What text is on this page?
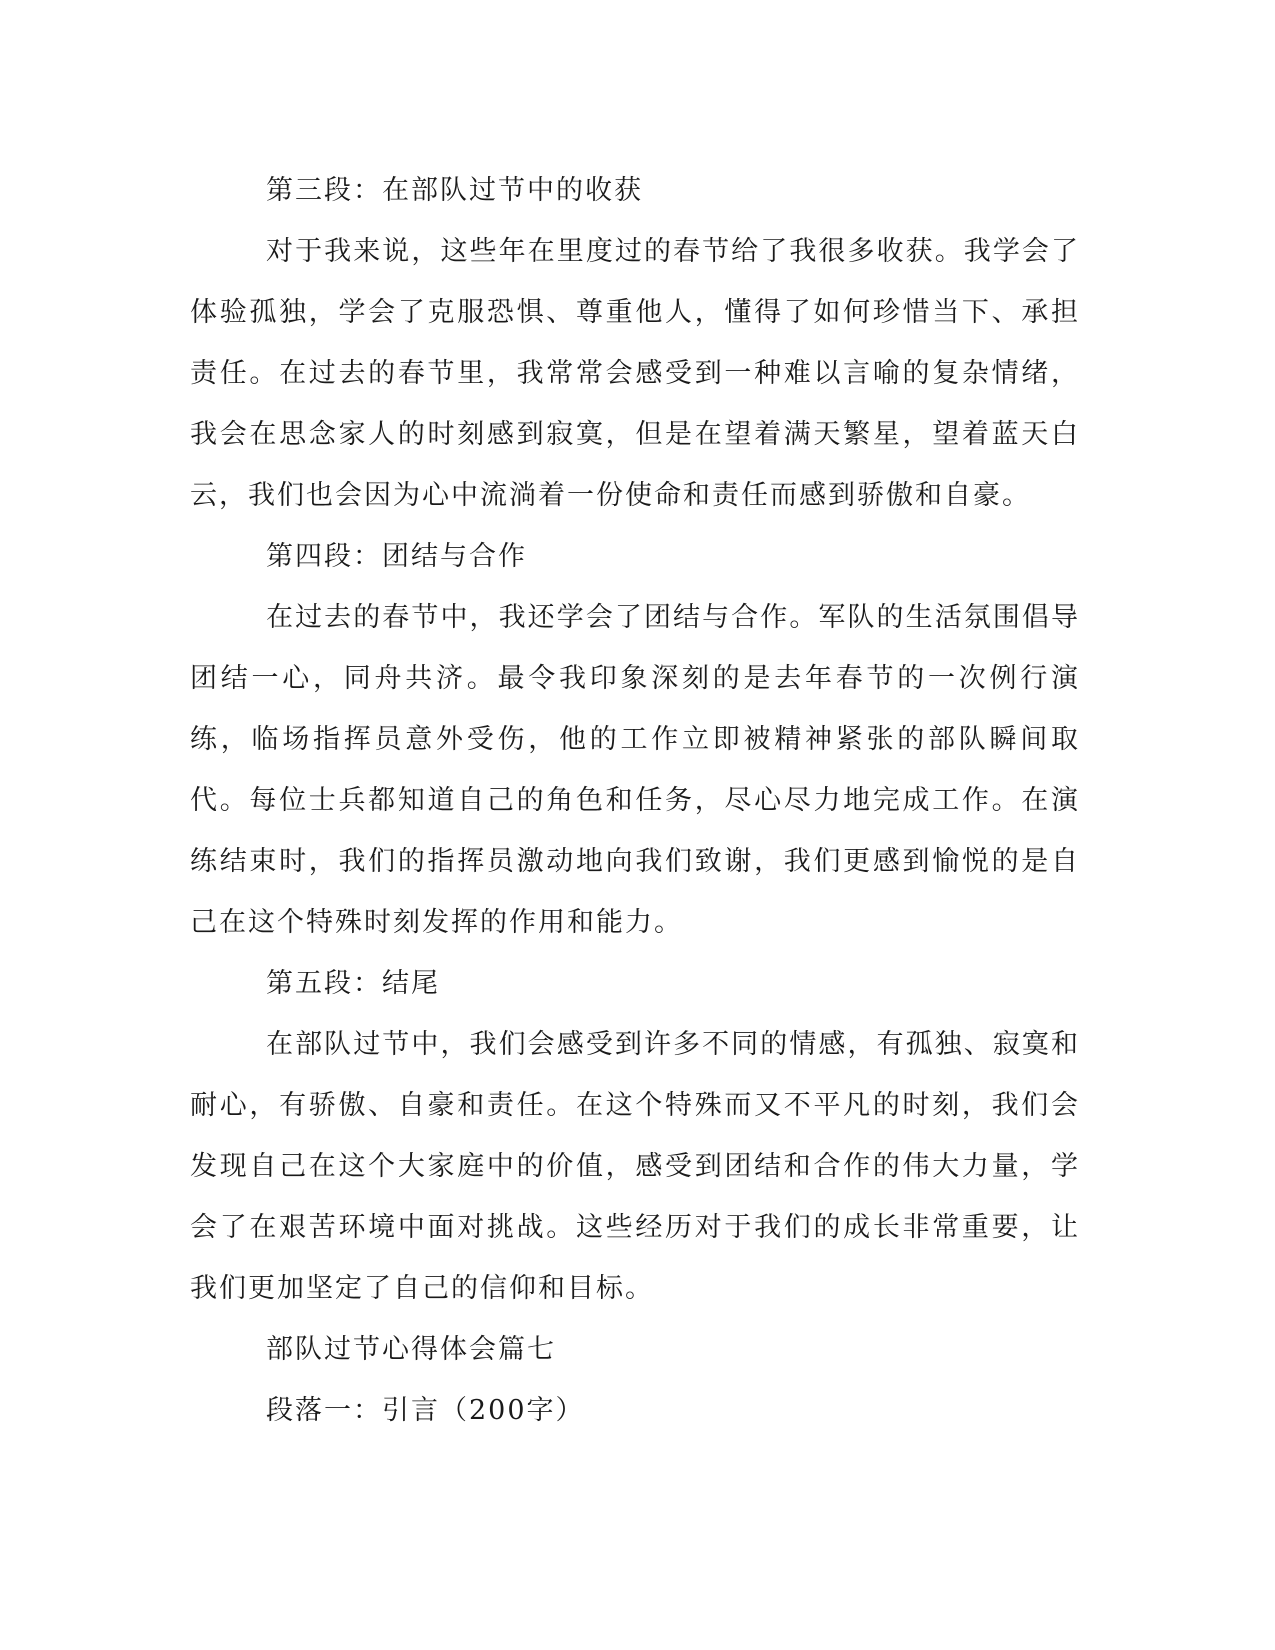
第三段：在部队过节中的收获

对于我来说，这些年在里度过的春节给了我很多收获。我学会了体验孤独，学会了克服恐惧、尊重他人，懂得了如何珍惜当下、承担责任。在过去的春节里，我常常会感受到一种难以言喻的复杂情绪，我会在思念家人的时刻感到寂寞，但是在望着满天繁星，望着蓝天白云，我们也会因为心中流淌着一份使命和责任而感到骄傲和自豪。

第四段：团结与合作

在过去的春节中，我还学会了团结与合作。军队的生活氛围倡导团结一心，同舟共济。最令我印象深刻的是去年春节的一次例行演练，临场指挥员意外受伤，他的工作立即被精神紧张的部队瞬间取代。每位士兵都知道自己的角色和任务，尽心尽力地完成工作。在演练结束时，我们的指挥员激动地向我们致谢，我们更感到愉悦的是自己在这个特殊时刻发挥的作用和能力。

第五段：结尾

在部队过节中，我们会感受到许多不同的情感，有孤独、寂寞和耐心，有骄傲、自豪和责任。在这个特殊而又不平凡的时刻，我们会发现自己在这个大家庭中的价值，感受到团结和合作的伟大力量，学会了在艰苦环境中面对挑战。这些经历对于我们的成长非常重要，让我们更加坚定了自己的信仰和目标。

部队过节心得体会篇七

段落一：引言（200字）
